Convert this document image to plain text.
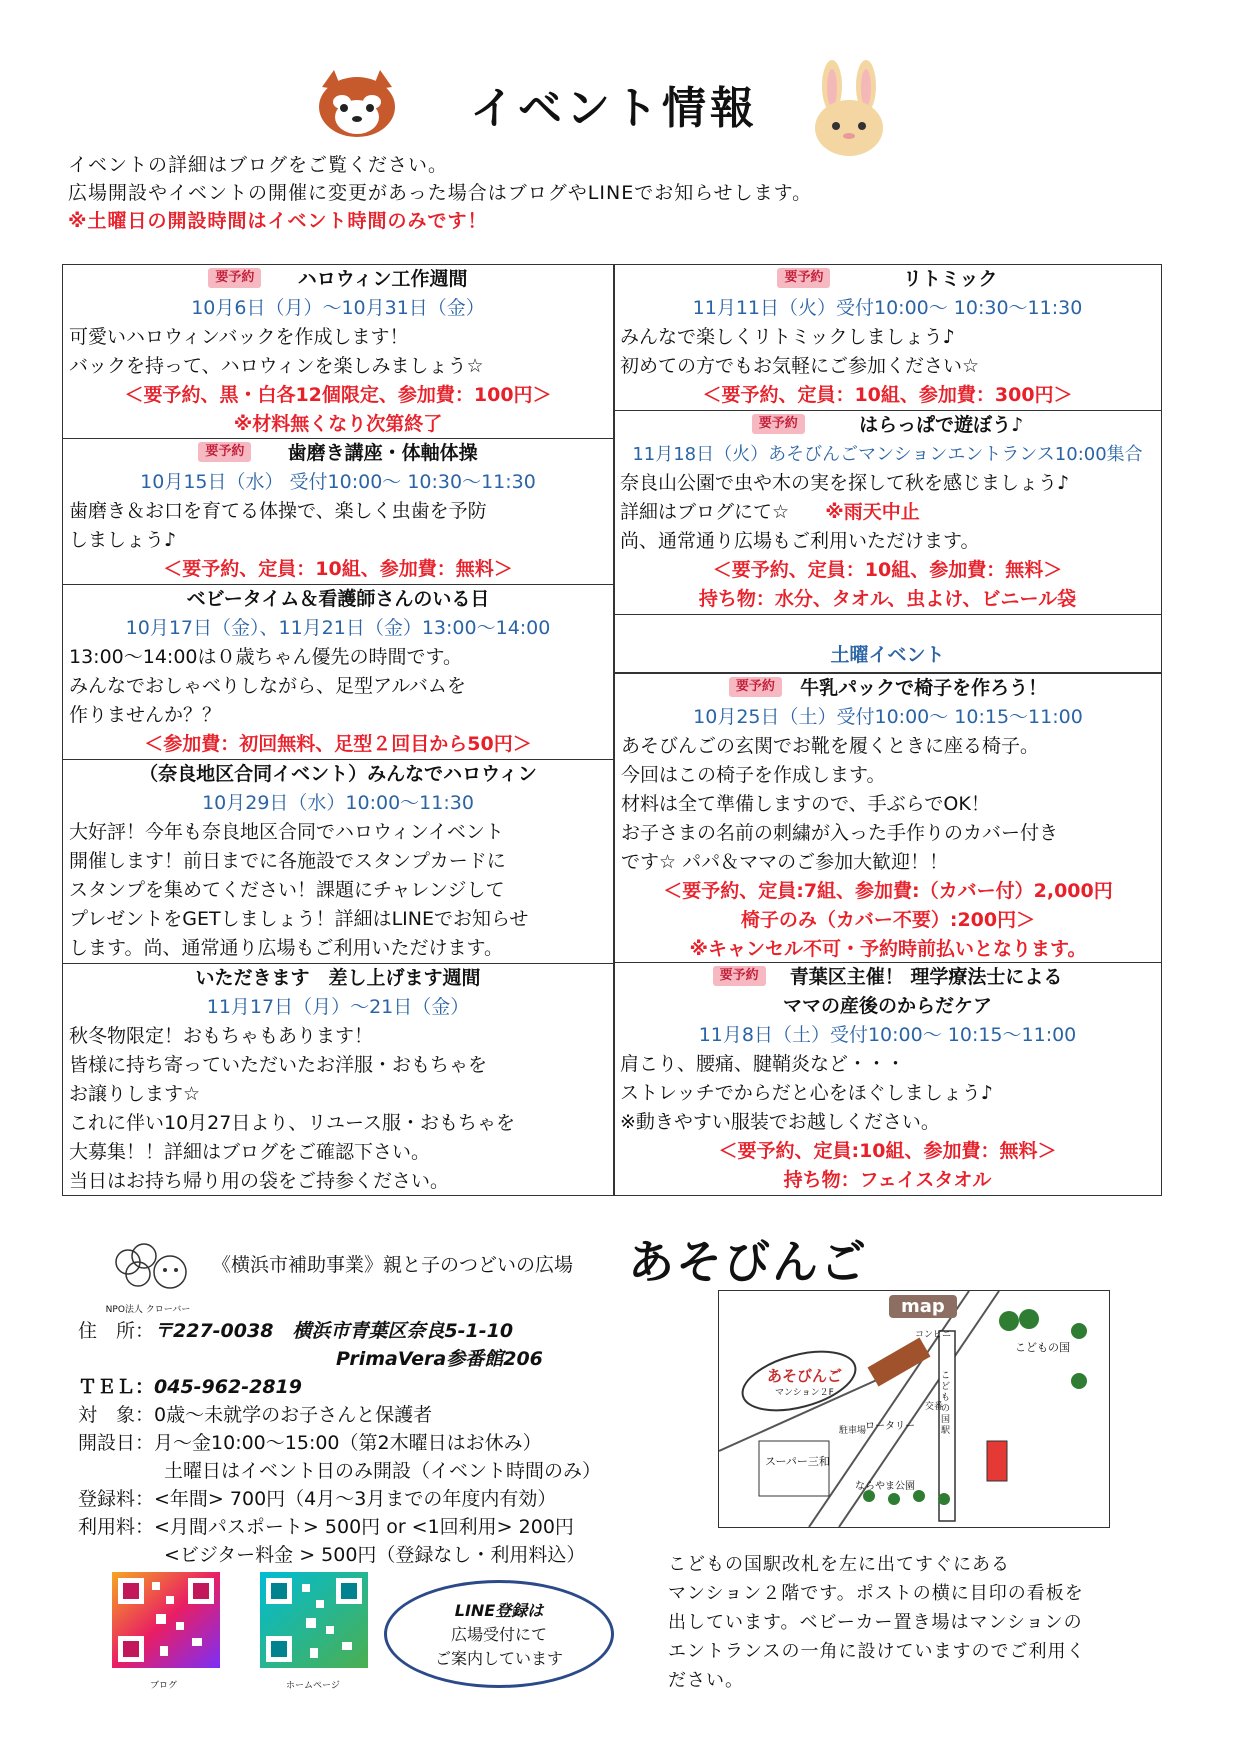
イベント情報
イベントの詳細はブログをご覧ください。
広場開設やイベントの開催に変更があった場合はブログやLINEでお知らせします。
※土曜日の開設時間はイベント時間のみです！
要予約 ハロウィン工作週間
10月6日（月）～10月31日（金）
可愛いハロウィンバックを作成します！
バックを持って、ハロウィンを楽しみましょう☆
＜要予約、黒・白各12個限定、参加費：100円＞
※材料無くなり次第終了
要予約 歯磨き講座・体軸体操
10月15日（水） 受付10:00～ 10:30～11:30
歯磨き＆お口を育てる体操で、楽しく虫歯を予防
しましょう♪
＜要予約、定員：10組、参加費：無料＞
ベビータイム＆看護師さんのいる日
10月17日（金）、11月21日（金）13:00～14:00
13:00～14:00は０歳ちゃん優先の時間です。
みんなでおしゃべりしながら、足型アルバムを
作りませんか？？
＜参加費：初回無料、足型２回目から50円＞
（奈良地区合同イベント）みんなでハロウィン
10月29日（水）10:00～11:30
大好評！今年も奈良地区合同でハロウィンイベント
開催します！前日までに各施設でスタンプカードに
スタンプを集めてください！課題にチャレンジして
プレゼントをGETしましょう！詳細はLINEでお知らせ
します。尚、通常通り広場もご利用いただけます。
いただきます　差し上げます週間
11月17日（月）～21日（金）
秋冬物限定！おもちゃもあります！
皆様に持ち寄っていただいたお洋服・おもちゃを
お譲りします☆
これに伴い10月27日より、リユース服・おもちゃを
大募集！！詳細はブログをご確認下さい。
当日はお持ち帰り用の袋をご持参ください。
要予約	リトミック
11月11日（火）受付10:00～ 10:30～11:30
みんなで楽しくリトミックしましょう♪
初めての方でもお気軽にご参加ください☆
＜要予約、定員：10組、参加費：300円＞
要予約	はらっぱで遊ぼう♪
11月18日（火）あそびんごマンションエントランス10:00集合
奈良山公園で虫や木の実を探して秋を感じましょう♪
詳細はブログにて☆ ※雨天中止
尚、通常通り広場もご利用いただけます。
＜要予約、定員：10組、参加費：無料＞
持ち物：水分、タオル、虫よけ、ビニール袋
土曜イベント
要予約 牛乳パックで椅子を作ろう！
10月25日（土）受付10:00～ 10:15～11:00
あそびんごの玄関でお靴を履くときに座る椅子。
今回はこの椅子を作成します。
材料は全て準備しますので、手ぶらでOK！
お子さまの名前の刺繍が入った手作りのカバー付き
です☆ パパ＆ママのご参加大歓迎！！
＜要予約、定員:7組、参加費:（カバー付）2,000円
椅子のみ（カバー不要）:200円＞
※キャンセル不可・予約時前払いとなります。
要予約 青葉区主催！ 理学療法士による
ママの産後のからだケア
11月8日（土）受付10:00～ 10:15～11:00
肩こり、腰痛、腱鞘炎など・・・
ストレッチでからだと心をほぐしましょう♪
※動きやすい服装でお越しください。
＜要予約、定員:10組、参加費：無料＞
持ち物：フェイスタオル
NPO法人 クローバー
《横浜市補助事業》親と子のつどいの広場 あそびんご
住　所：〒227-0038　横浜市青葉区奈良5-1-10
PrimaVera参番館206
ＴＥＬ：045-962-2819
対　象：0歳～未就学のお子さんと保護者
開設日：月～金10:00～15:00（第2木曜日はお休み）
土曜日はイベント日のみ開設（イベント時間のみ）
登録料：<年間> 700円（4月～3月までの年度内有効）
利用料：<月間パスポート> 500円 or <1回利用> 200円
<ビジター料金 > 500円（登録なし・利用料込）
ブログ	ホームページ
LINE登録は
広場受付にて
ご案内しています
map
コンビニ
こどもの国
あそびんご
マンション２F
こどもの国駅
交番
ロータリー
駐車場
スーパー三和
ならやま公園
こどもの国駅改札を左に出てすぐにある
マンション２階です。ポストの横に目印の看板を
出しています。ベビーカー置き場はマンションの
エントランスの一角に設けていますのでご利用く
ださい。
